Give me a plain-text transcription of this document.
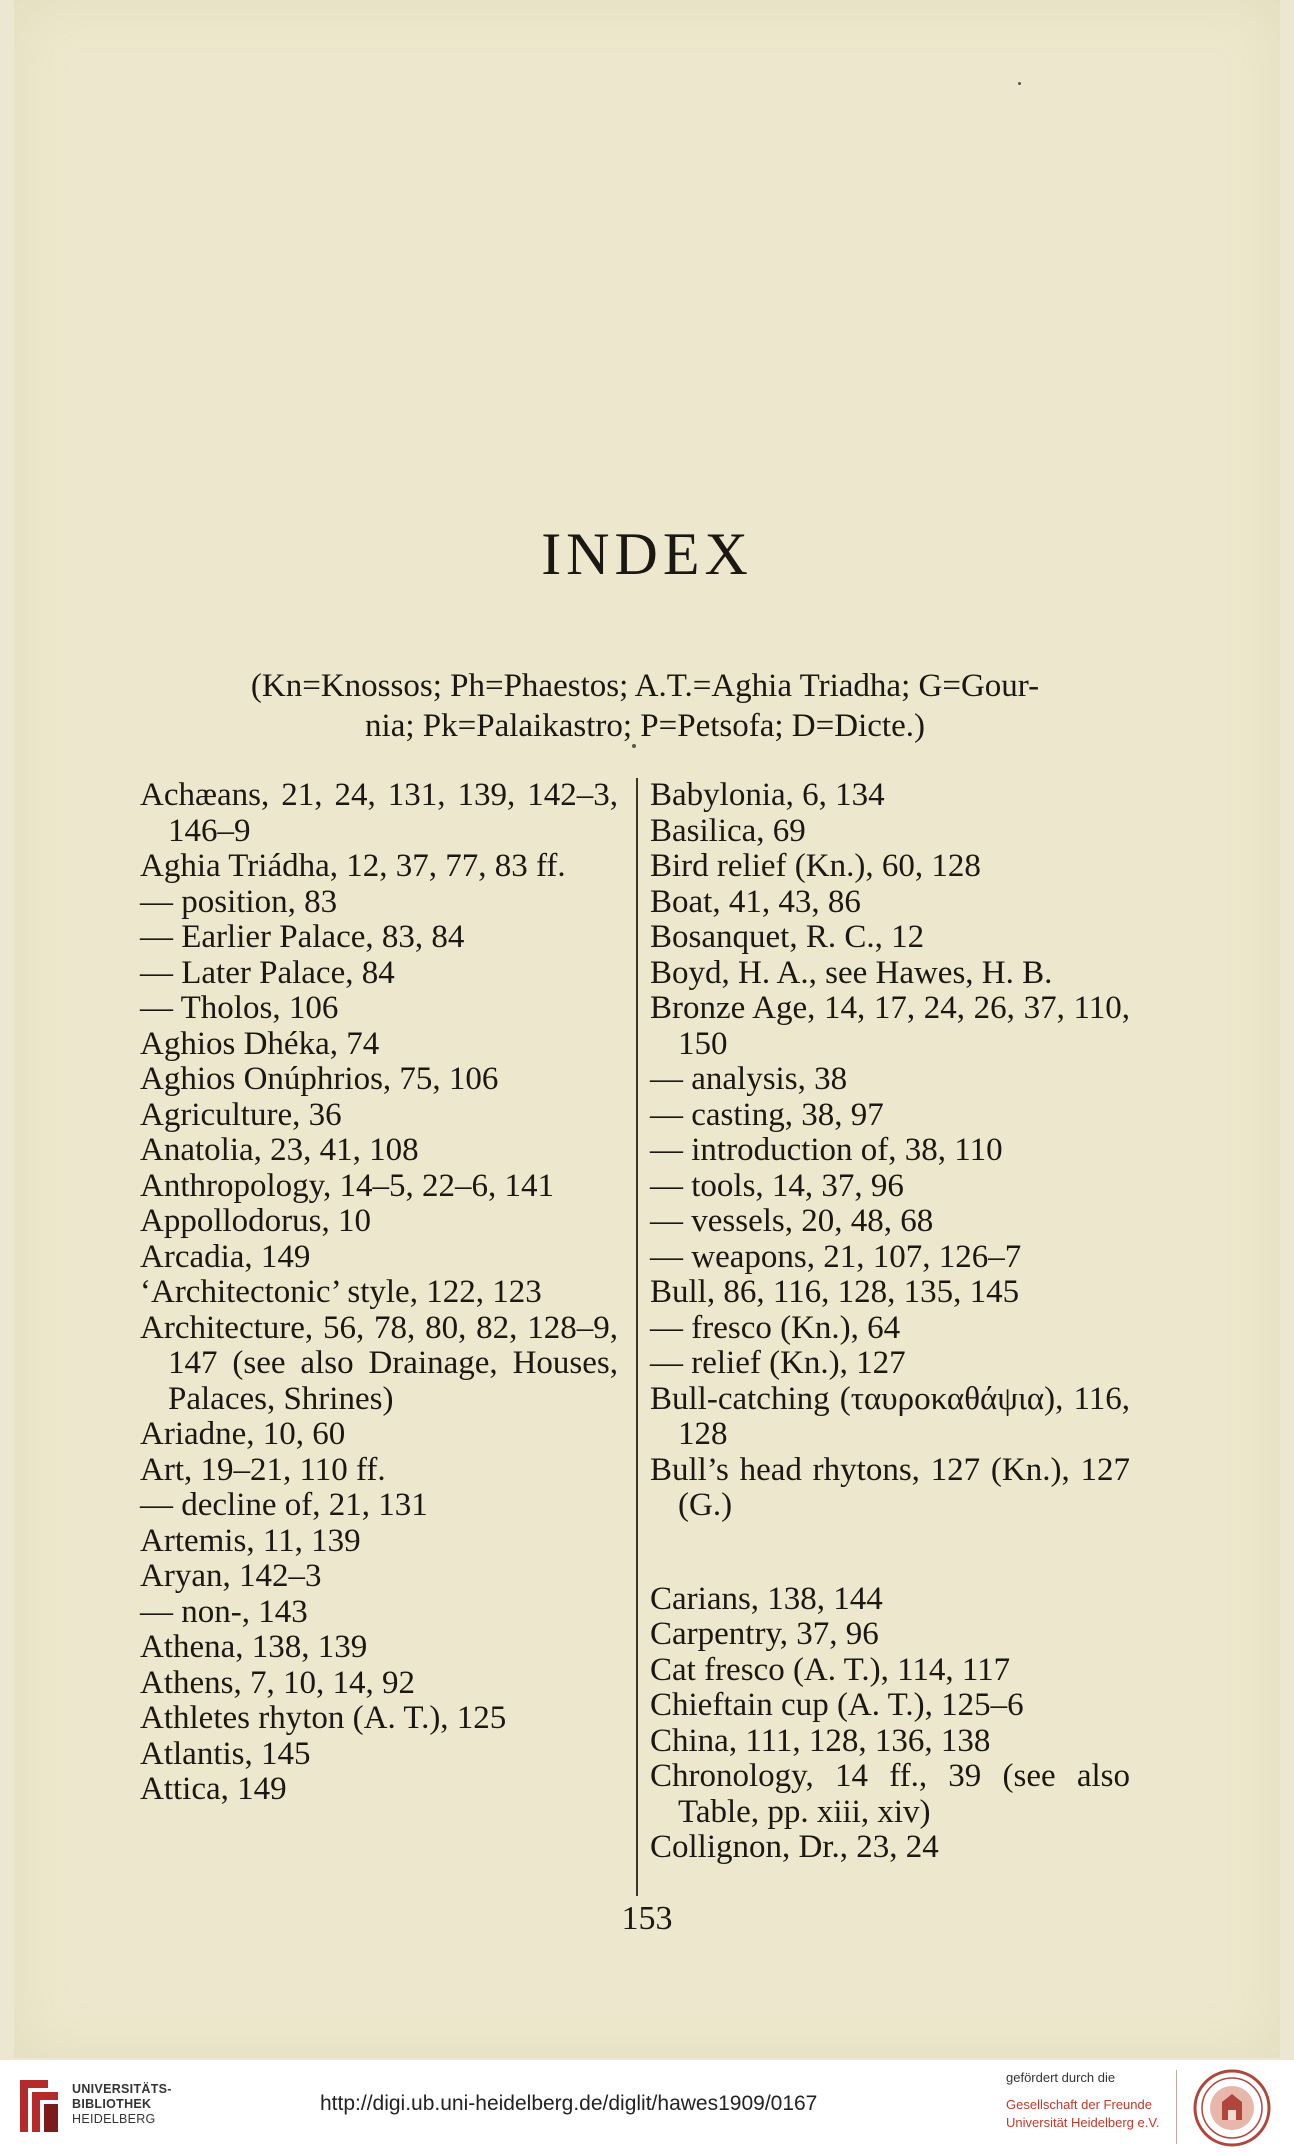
INDEX
(Kn=Knossos; Ph=Phaestos; A.T.=Aghia Triadha; G=Gour-
nia; Pk=Palaikastro; P=Petsofa; D=Dicte.)
Achæans, 21, 24, 131, 139, 142–3, 146–9
Aghia Triádha, 12, 37, 77, 83 ff.
— position, 83
— Earlier Palace, 83, 84
— Later Palace, 84
— Tholos, 106
Aghios Dhéka, 74
Aghios Onúphrios, 75, 106
Agriculture, 36
Anatolia, 23, 41, 108
Anthropology, 14–5, 22–6, 141
Appollodorus, 10
Arcadia, 149
‘Architectonic’ style, 122, 123
Architecture, 56, 78, 80, 82, 128–9, 147 (see also Drainage, Houses, Palaces, Shrines)
Ariadne, 10, 60
Art, 19–21, 110 ff.
— decline of, 21, 131
Artemis, 11, 139
Aryan, 142–3
— non-, 143
Athena, 138, 139
Athens, 7, 10, 14, 92
Athletes rhyton (A. T.), 125
Atlantis, 145
Attica, 149
Babylonia, 6, 134
Basilica, 69
Bird relief (Kn.), 60, 128
Boat, 41, 43, 86
Bosanquet, R. C., 12
Boyd, H. A., see Hawes, H. B.
Bronze Age, 14, 17, 24, 26, 37, 110, 150
— analysis, 38
— casting, 38, 97
— introduction of, 38, 110
— tools, 14, 37, 96
— vessels, 20, 48, 68
— weapons, 21, 107, 126–7
Bull, 86, 116, 128, 135, 145
— fresco (Kn.), 64
— relief (Kn.), 127
Bull-catching (ταυροκαθάψια), 116, 128
Bull’s head rhytons, 127 (Kn.), 127 (G.)
Carians, 138, 144
Carpentry, 37, 96
Cat fresco (A. T.), 114, 117
Chieftain cup (A. T.), 125–6
China, 111, 128, 136, 138
Chronology, 14 ff., 39 (see also Table, pp. xiii, xiv)
Collignon, Dr., 23, 24
153
UNIVERSITÄTS-
BIBLIOTHEK
HEIDELBERG
http://digi.ub.uni-heidelberg.de/diglit/hawes1909/0167
gefördert durch die
Gesellschaft der Freunde
Universität Heidelberg e.V.
